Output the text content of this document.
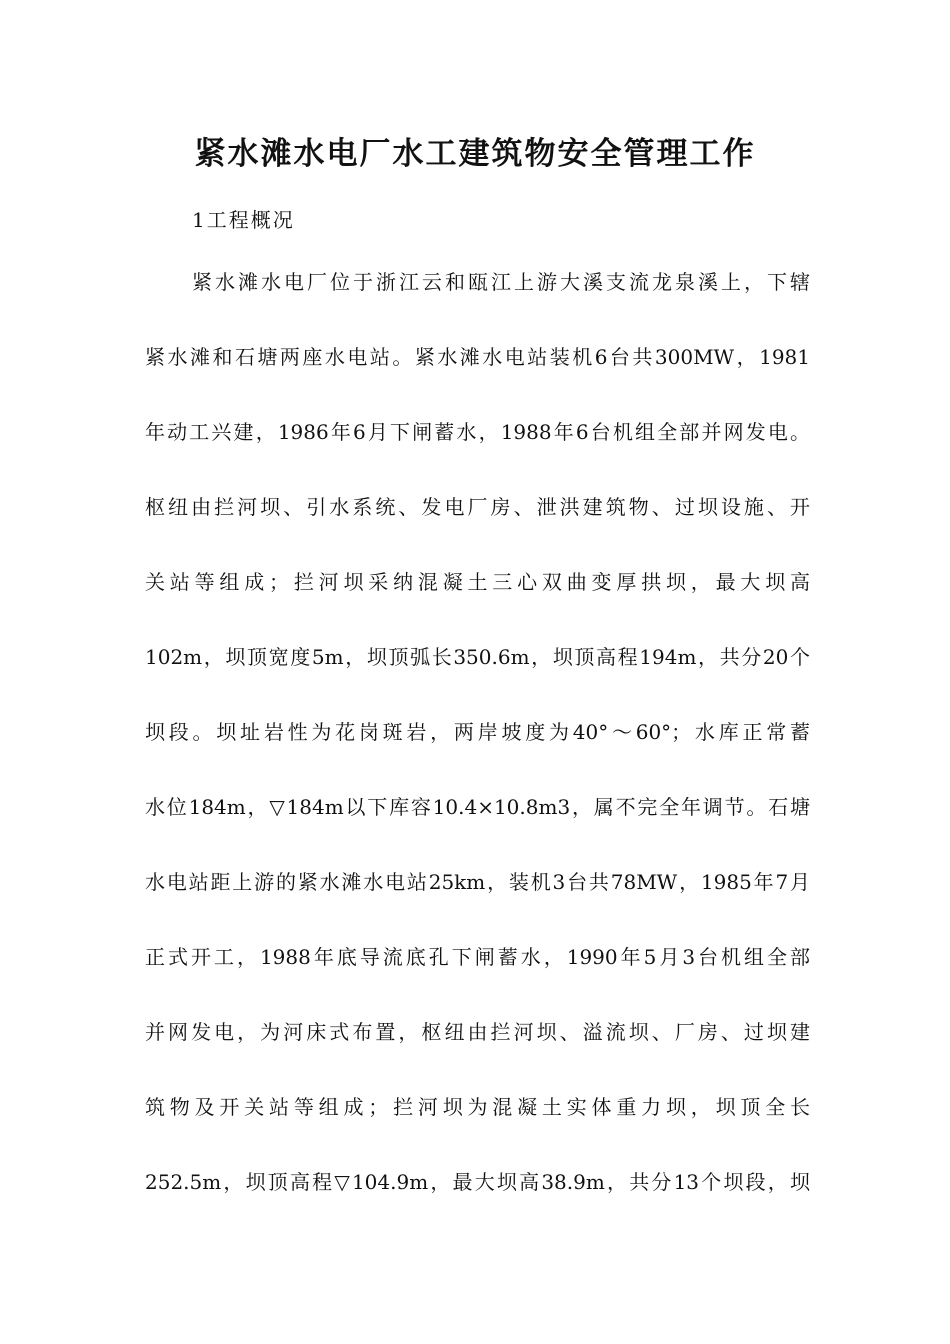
紧水滩水电厂水工建筑物安全管理工作

1工程概况

紧水滩水电厂位于浙江云和瓯江上游大溪支流龙泉溪上，下辖

紧水滩和石塘两座水电站。紧水滩水电站装机6台共300MW，1981

年动工兴建，1986年6月下闸蓄水，1988年6台机组全部并网发电。

枢纽由拦河坝、引水系统、发电厂房、泄洪建筑物、过坝设施、开

关站等组成；拦河坝采纳混凝土三心双曲变厚拱坝，最大坝高

102m，坝顶宽度5m，坝顶弧长350.6m，坝顶高程194m，共分20个

坝段。坝址岩性为花岗斑岩，两岸坡度为40°～60°；水库正常蓄

水位184m，▽184m以下库容10.4×10.8m3，属不完全年调节。石塘

水电站距上游的紧水滩水电站25km，装机3台共78MW，1985年7月

正式开工，1988年底导流底孔下闸蓄水，1990年5月3台机组全部

并网发电，为河床式布置，枢纽由拦河坝、溢流坝、厂房、过坝建

筑物及开关站等组成；拦河坝为混凝土实体重力坝，坝顶全长

252.5m，坝顶高程▽104.9m，最大坝高38.9m，共分13个坝段，坝
